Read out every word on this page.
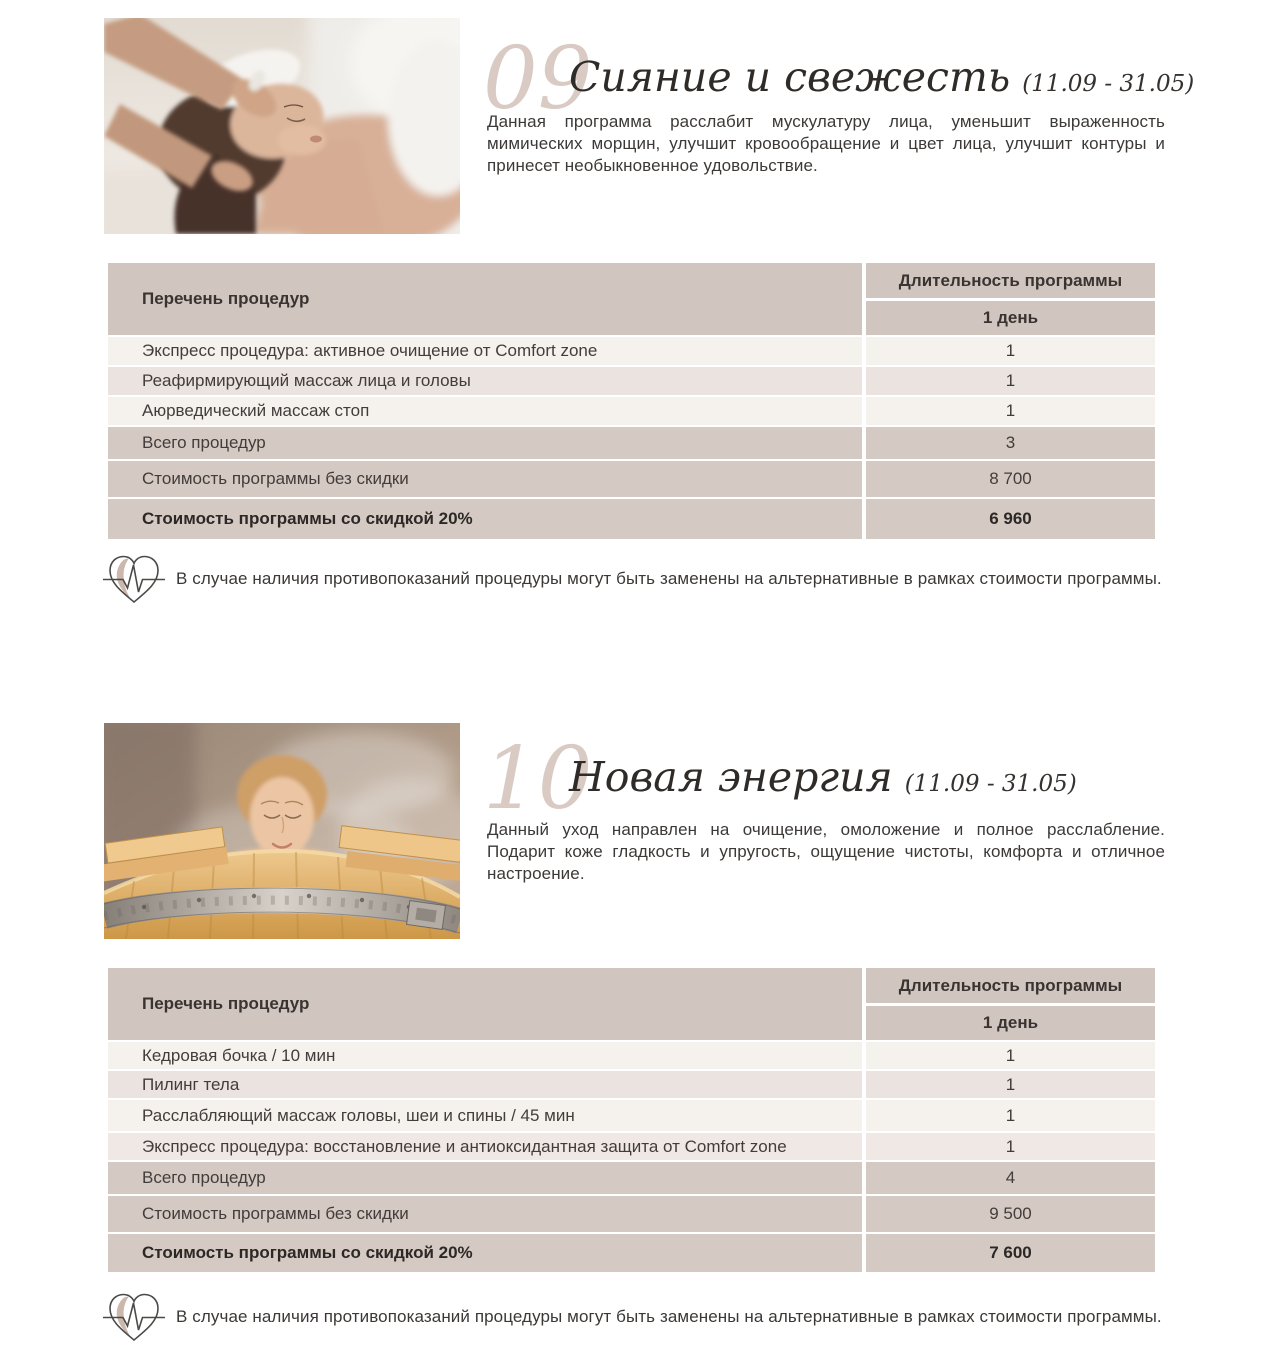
09
Сияние и свежесть (11.09 - 31.05)

Данная программа расслабит мускулатуру лица, уменьшит выраженность мимических морщин, улучшит кровообращение и цвет лица, улучшит контуры и принесет необыкновенное удовольствие.

Перечень процедур
Длительность программы
1 день
Экспресс процедура: активное очищение от Comfort zone	1
Реафирмирующий массаж лица и головы	1
Аюрведический массаж стоп	1
Всего процедур	3
Стоимость программы без скидки	8 700
Стоимость программы со скидкой 20%	6 960
В случае наличия противопоказаний процедуры могут быть заменены на альтернативные в рамках стоимости программы.
10
Новая энергия (11.09 - 31.05)

Данный уход направлен на очищение, омоложение и полное расслабление. Подарит коже гладкость и упругость, ощущение чистоты, комфорта и отличное настроение.

Перечень процедур
Длительность программы
1 день
Кедровая бочка / 10 мин	1
Пилинг тела	1
Расслабляющий массаж головы, шеи и спины / 45 мин	1
Экспресс процедура: восстановление и антиоксидантная защита от Comfort zone	1
Всего процедур	4
Стоимость программы без скидки	9 500
Стоимость программы со скидкой 20%	7 600
В случае наличия противопоказаний процедуры могут быть заменены на альтернативные в рамках стоимости программы.
